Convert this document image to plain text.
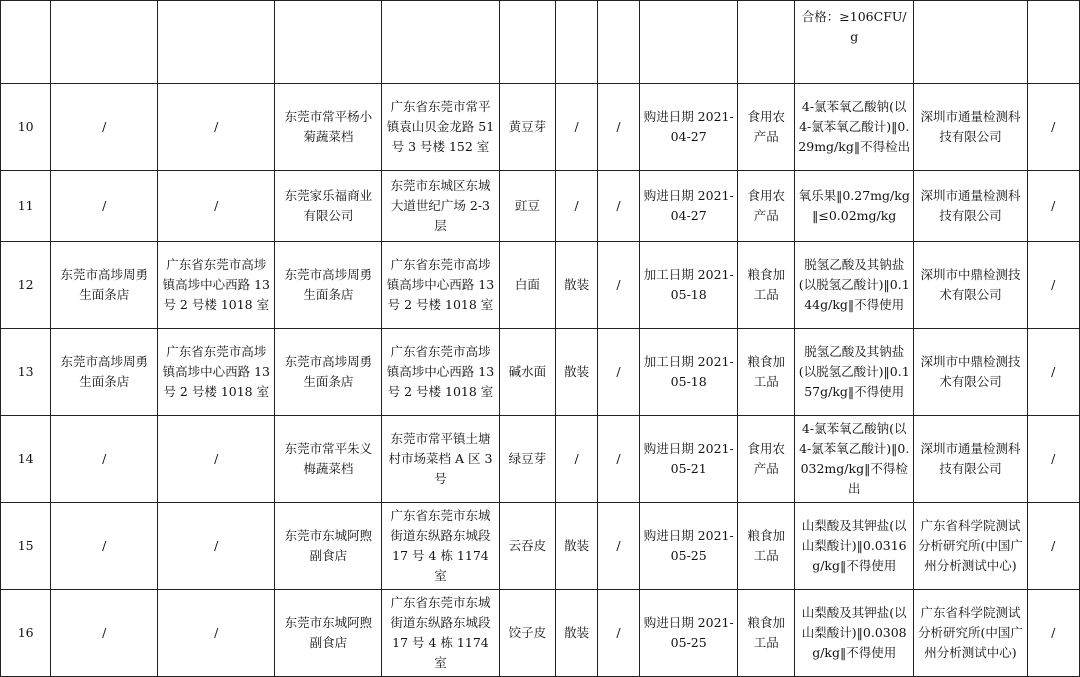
										合格：≥106CFU/g		
10	/	/	东莞市常平杨小菊蔬菜档	广东省东莞市常平镇袁山贝金龙路 51 号 3 号楼 152 室	黄豆芽	/	/	购进日期 2021-04-27	食用农产品	4-氯苯氧乙酸钠(以 4-氯苯氧乙酸计)‖0.29mg/kg‖不得检出	深圳市通量检测科技有限公司	/
11	/	/	东莞家乐福商业有限公司	东莞市东城区东城大道世纪广场 2-3 层	豇豆	/	/	购进日期 2021-04-27	食用农产品	氧乐果‖0.27mg/kg‖≤0.02mg/kg	深圳市通量检测科技有限公司	/
12	东莞市高埗周勇生面条店	广东省东莞市高埗镇高埗中心西路 13 号 2 号楼 1018 室	东莞市高埗周勇生面条店	广东省东莞市高埗镇高埗中心西路 13 号 2 号楼 1018 室	白面	散装	/	加工日期 2021-05-18	粮食加工品	脱氢乙酸及其钠盐(以脱氢乙酸计)‖0.144g/kg‖不得使用	深圳市中鼎检测技术有限公司	/
13	东莞市高埗周勇生面条店	广东省东莞市高埗镇高埗中心西路 13 号 2 号楼 1018 室	东莞市高埗周勇生面条店	广东省东莞市高埗镇高埗中心西路 13 号 2 号楼 1018 室	碱水面	散装	/	加工日期 2021-05-18	粮食加工品	脱氢乙酸及其钠盐(以脱氢乙酸计)‖0.157g/kg‖不得使用	深圳市中鼎检测技术有限公司	/
14	/	/	东莞市常平朱义梅蔬菜档	东莞市常平镇土塘村市场菜档 A 区 3 号	绿豆芽	/	/	购进日期 2021-05-21	食用农产品	4-氯苯氧乙酸钠(以 4-氯苯氧乙酸计)‖0.032mg/kg‖不得检出	深圳市通量检测科技有限公司	/
15	/	/	东莞市东城阿煦副食店	广东省东莞市东城街道东纵路东城段 17 号 4 栋 1174 室	云吞皮	散装	/	购进日期 2021-05-25	粮食加工品	山梨酸及其钾盐(以山梨酸计)‖0.0316g/kg‖不得使用	广东省科学院测试分析研究所(中国广州分析测试中心)	/
16	/	/	东莞市东城阿煦副食店	广东省东莞市东城街道东纵路东城段 17 号 4 栋 1174 室	饺子皮	散装	/	购进日期 2021-05-25	粮食加工品	山梨酸及其钾盐(以山梨酸计)‖0.0308g/kg‖不得使用	广东省科学院测试分析研究所(中国广州分析测试中心)	/
